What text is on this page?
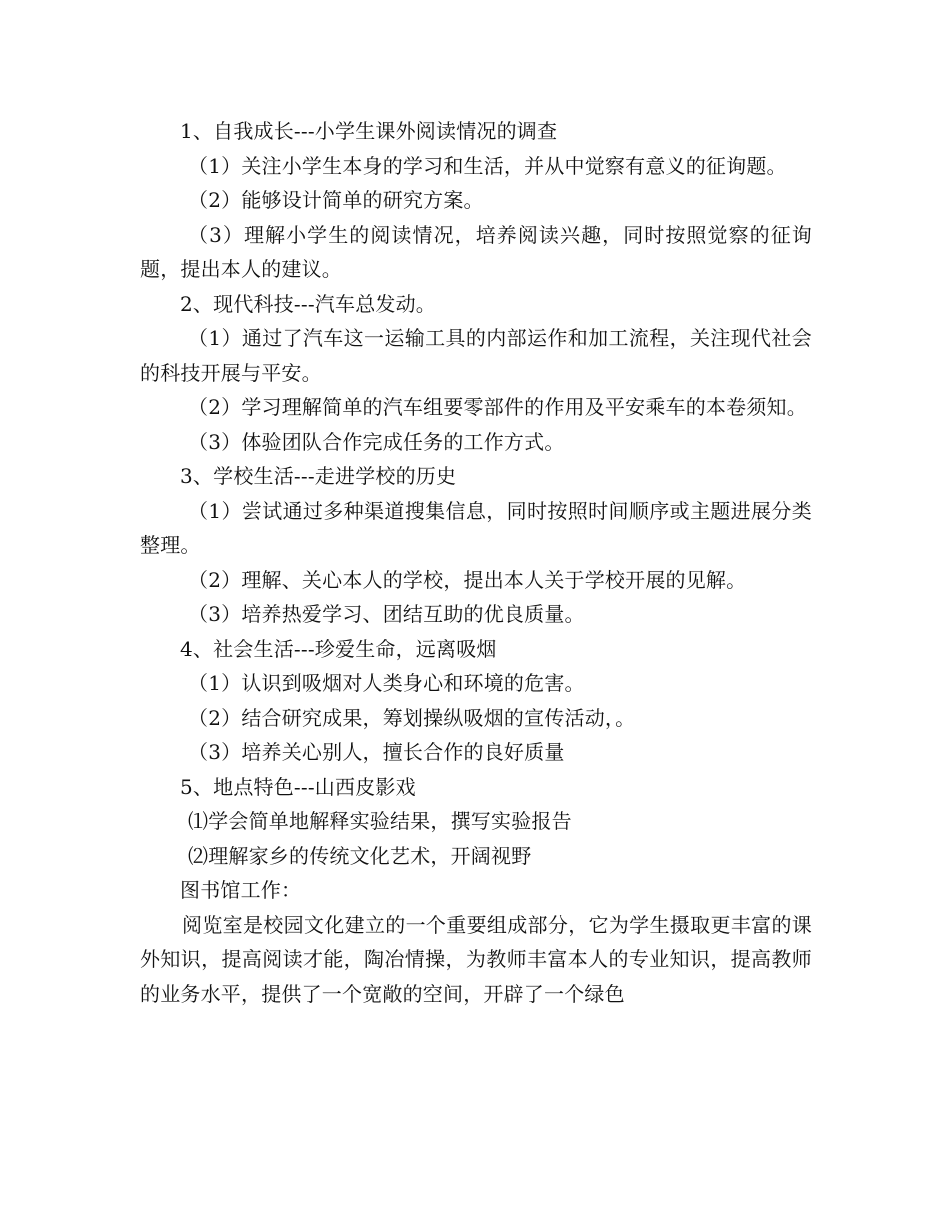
1、自我成长---小学生课外阅读情况的调查

（1）关注小学生本身的学习和生活，并从中觉察有意义的征询题。

（2）能够设计简单的研究方案。

（3）理解小学生的阅读情况，培养阅读兴趣，同时按照觉察的征询题，提出本人的建议。

2、现代科技---汽车总发动。

（1）通过了汽车这一运输工具的内部运作和加工流程，关注现代社会的科技开展与平安。

（2）学习理解简单的汽车组要零部件的作用及平安乘车的本卷须知。

（3）体验团队合作完成任务的工作方式。

3、学校生活---走进学校的历史

（1）尝试通过多种渠道搜集信息，同时按照时间顺序或主题进展分类整理。

（2）理解、关心本人的学校，提出本人关于学校开展的见解。

（3）培养热爱学习、团结互助的优良质量。

4、社会生活---珍爱生命，远离吸烟

（1）认识到吸烟对人类身心和环境的危害。

（2）结合研究成果，筹划操纵吸烟的宣传活动，。

（3）培养关心别人，擅长合作的良好质量

5、地点特色---山西皮影戏

⑴学会简单地解释实验结果，撰写实验报告

⑵理解家乡的传统文化艺术，开阔视野

图书馆工作：

阅览室是校园文化建立的一个重要组成部分，它为学生摄取更丰富的课外知识，提高阅读才能，陶冶情操，为教师丰富本人的专业知识，提高教师的业务水平，提供了一个宽敞的空间，开辟了一个绿色
